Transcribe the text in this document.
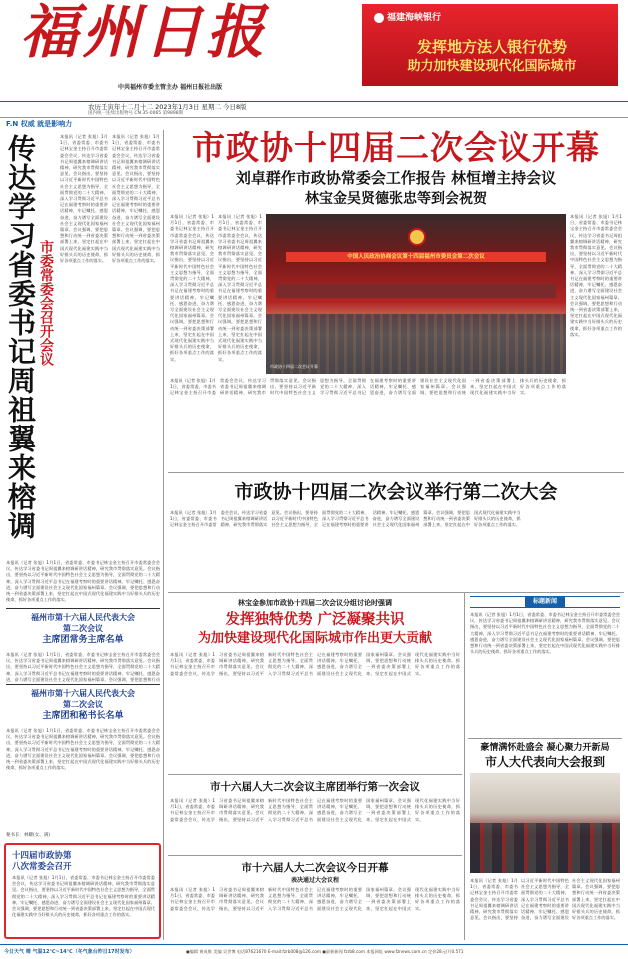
福州日报
中共福州市委主管主办 福州日报社出版
福建海峡银行
发挥地方法人银行优势
助力加快建设现代化国际城市
农历壬寅年十二月十二 2023年1月3日 星期二 今日8版
国内统一连续出版物号 CN 35-0065 第9898期
F.N 权威 就是影响力
传达学习省委书记周祖翼来榕调
市委常委会召开会议
本报讯（记者 张旭）1月1日，省委常委、市委书记林宝金主持召开市委常委会会议，传达学习省委书记周祖翼来榕调研讲话精神，研究我市贯彻落实意见。会议指出，要坚持以习近平新时代中国特色社会主义思想为指导，全面贯彻党的二十大精神，深入学习贯彻习近平总书记在福建考察时的重要讲话精神，牢记嘱托、感恩奋进，奋力谱写全面建设社会主义现代化国家福州篇章。会议强调，要把思想和行动统一到省委决策部署上来，坚定扛起在中国式现代化福建实践中当好排头兵的历史使命，抓好各项重点工作的落实。
本报讯（记者 张旭）1月1日，省委常委、市委书记林宝金主持召开市委常委会会议，传达学习省委书记周祖翼来榕调研讲话精神，研究我市贯彻落实意见。会议指出，要坚持以习近平新时代中国特色社会主义思想为指导，全面贯彻党的二十大精神，深入学习贯彻习近平总书记在福建考察时的重要讲话精神，牢记嘱托、感恩奋进，奋力谱写全面建设社会主义现代化国家福州篇章。会议强调，要把思想和行动统一到省委决策部署上来，坚定扛起在中国式现代化福建实践中当好排头兵的历史使命，抓好各项重点工作的落实。
本报讯（记者 张旭）1月1日，省委常委、市委书记林宝金主持召开市委常委会会议，传达学习省委书记周祖翼来榕调研讲话精神，研究我市贯彻落实意见。会议指出，要坚持以习近平新时代中国特色社会主义思想为指导，全面贯彻党的二十大精神，深入学习贯彻习近平总书记在福建考察时的重要讲话精神，牢记嘱托、感恩奋进，奋力谱写全面建设社会主义现代化国家福州篇章。会议强调，要把思想和行动统一到省委决策部署上来，坚定扛起在中国式现代化福建实践中当好排头兵的历史使命，抓好各项重点工作的落实。
福州市第十六届人民代表大会
第二次会议
主席团常务主席名单
本报讯（记者 张旭）1月1日，省委常委、市委书记林宝金主持召开市委常委会会议，传达学习省委书记周祖翼来榕调研讲话精神，研究我市贯彻落实意见。会议指出，要坚持以习近平新时代中国特色社会主义思想为指导，全面贯彻党的二十大精神，深入学习贯彻习近平总书记在福建考察时的重要讲话精神，牢记嘱托、感恩奋进，奋力谱写全面建设社会主义现代化国家福州篇章。会议强调，要把思想和行动
福州市第十六届人民代表大会
第二次会议
主席团和秘书长名单
本报讯（记者 张旭）1月1日，省委常委、市委书记林宝金主持召开市委常委会会议，传达学习省委书记周祖翼来榕调研讲话精神，研究我市贯彻落实意见。会议指出，要坚持以习近平新时代中国特色社会主义思想为指导，全面贯彻党的二十大精神，深入学习贯彻习近平总书记在福建考察时的重要讲话精神，牢记嘱托、感恩奋进，奋力谱写全面建设社会主义现代化国家福州篇章。会议强调，要把思想和行动统一到省委决策部署上来，坚定扛起在中国式现代化福建实践中当好排头兵的历史使命，抓好各项重点工作的落实。
秘书长：林耀(女、满)
十四届市政协第八次常委会召开
本报讯（记者 张旭）1月1日，省委常委、市委书记林宝金主持召开市委常委会会议，传达学习省委书记周祖翼来榕调研讲话精神，研究我市贯彻落实意见。会议指出，要坚持以习近平新时代中国特色社会主义思想为指导，全面贯彻党的二十大精神，深入学习贯彻习近平总书记在福建考察时的重要讲话精神，牢记嘱托、感恩奋进，奋力谱写全面建设社会主义现代化国家福州篇章。会议强调，要把思想和行动统一到省委决策部署上来，坚定扛起在中国式现代化福建实践中当好排头兵的历史使命，抓好各项重点工作的落实。
市政协十四届二次会议开幕
刘卓群作市政协常委会工作报告 林恒增主持会议
林宝金吴贤德张忠等到会祝贺
本报讯（记者 张旭）1月1日，省委常委、市委书记林宝金主持召开市委常委会会议，传达学习省委书记周祖翼来榕调研讲话精神，研究我市贯彻落实意见。会议指出，要坚持以习近平新时代中国特色社会主义思想为指导，全面贯彻党的二十大精神，深入学习贯彻习近平总书记在福建考察时的重要讲话精神，牢记嘱托、感恩奋进，奋力谱写全面建设社会主义现代化国家福州篇章。会议强调，要把思想和行动统一到省委决策部署上来，坚定扛起在中国式现代化福建实践中当好排头兵的历史使命，抓好各项重点工作的落实。
本报讯（记者 张旭）1月1日，省委常委、市委书记林宝金主持召开市委常委会会议，传达学习省委书记周祖翼来榕调研讲话精神，研究我市贯彻落实意见。会议指出，要坚持以习近平新时代中国特色社会主义思想为指导，全面贯彻党的二十大精神，深入学习贯彻习近平总书记在福建考察时的重要讲话精神，牢记嘱托、感恩奋进，奋力谱写全面建设社会主义现代化国家福州篇章。会议强调，要把思想和行动统一到省委决策部署上来，坚定扛起在中国式现代化福建实践中当好排头兵的历史使命，抓好各项重点工作的落实。
中国人民政治协商会议第十四届福州市委员会第二次会议
市政协十四届二次会议开幕
本报讯（记者 张旭）1月1日，省委常委、市委书记林宝金主持召开市委常委会会议，传达学习省委书记周祖翼来榕调研讲话精神，研究我市贯彻落实意见。会议指出，要坚持以习近平新时代中国特色社会主义思想为指导，全面贯彻党的二十大精神，深入学习贯彻习近平总书记在福建考察时的重要讲话精神，牢记嘱托、感恩奋进，奋力谱写全面建设社会主义现代化国家福州篇章。会议强调，要把思想和行动统一到省委决策部署上来，坚定扛起在中国式现代化福建实践中当好排头兵的历史使命，抓好各项重点工作的落实。
本报讯（记者 张旭）1月1日，省委常委、市委书记林宝金主持召开市委常委会会议，传达学习省委书记周祖翼来榕调研讲话精神，研究我市贯彻落实意见。会议指出，要坚持以习近平新时代中国特色社会主义思想为指导，全面贯彻党的二十大精神，深入学习贯彻习近平总书记在福建考察时的重要讲话精神，牢记嘱托、感恩奋进，奋力谱写全面建设社会主义现代化国家福州篇章。会议强调，要把思想和行动统一到省委决策部署上来，坚定扛起在中国式现代化福建实践中当好排头兵的历史使命，抓好各项重点工作的落实。
市政协十四届二次会议举行第二次大会
本报讯（记者 张旭）1月1日，省委常委、市委书记林宝金主持召开市委常委会会议，传达学习省委书记周祖翼来榕调研讲话精神，研究我市贯彻落实意见。会议指出，要坚持以习近平新时代中国特色社会主义思想为指导，全面贯彻党的二十大精神，深入学习贯彻习近平总书记在福建考察时的重要讲话精神，牢记嘱托、感恩奋进，奋力谱写全面建设社会主义现代化国家福州篇章。会议强调，要把思想和行动统一到省委决策部署上来，坚定扛起在中国式现代化福建实践中当好排头兵的历史使命，抓好各项重点工作的落实。
林宝金参加市政协十四届二次会议分组讨论时强调
发挥独特优势 广泛凝聚共识
为加快建设现代化国际城市作出更大贡献
本报讯（记者 张旭）1月1日，省委常委、市委书记林宝金主持召开市委常委会会议，传达学习省委书记周祖翼来榕调研讲话精神，研究我市贯彻落实意见。会议指出，要坚持以习近平新时代中国特色社会主义思想为指导，全面贯彻党的二十大精神，深入学习贯彻习近平总书记在福建考察时的重要讲话精神，牢记嘱托、感恩奋进，奋力谱写全面建设社会主义现代化国家福州篇章。会议强调，要把思想和行动统一到省委决策部署上来，坚定扛起在中国式现代化福建实践中当好排头兵的历史使命，抓好各项重点工作的落实。
标题新闻
本报讯（记者 张旭）1月1日，省委常委、市委书记林宝金主持召开市委常委会会议，传达学习省委书记周祖翼来榕调研讲话精神，研究我市贯彻落实意见。会议指出，要坚持以习近平新时代中国特色社会主义思想为指导，全面贯彻党的二十大精神，深入学习贯彻习近平总书记在福建考察时的重要讲话精神，牢记嘱托、感恩奋进，奋力谱写全面建设社会主义现代化国家福州篇章。会议强调，要把思想和行动统一到省委决策部署上来，坚定扛起在中国式现代化福建实践中当好排头兵的历史使命，抓好各项重点工作的落实。
豪情满怀赴盛会 凝心聚力开新局
市人大代表向大会报到
本报讯（记者 张旭）1月1日，省委常委、市委书记林宝金主持召开市委常委会会议，传达学习省委书记周祖翼来榕调研讲话精神，研究我市贯彻落实意见。会议指出，要坚持以习近平新时代中国特色社会主义思想为指导，全面贯彻党的二十大精神，深入学习贯彻习近平总书记在福建考察时的重要讲话精神，牢记嘱托、感恩奋进，奋力谱写全面建设社会主义现代化国家福州篇章。会议强调，要把思想和行动统一到省委决策部署上来，坚定扛起在中国式现代化福建实践中当好排头兵的历史使命，抓好各项重点工作的落实。
市十六届人大二次会议主席团举行第一次会议
本报讯（记者 张旭）1月1日，省委常委、市委书记林宝金主持召开市委常委会会议，传达学习省委书记周祖翼来榕调研讲话精神，研究我市贯彻落实意见。会议指出，要坚持以习近平新时代中国特色社会主义思想为指导，全面贯彻党的二十大精神，深入学习贯彻习近平总书记在福建考察时的重要讲话精神，牢记嘱托、感恩奋进，奋力谱写全面建设社会主义现代化国家福州篇章。会议强调，要把思想和行动统一到省委决策部署上来，坚定扛起在中国式现代化福建实践中当好排头兵的历史使命，抓好各项重点工作的落实。
市十六届人大二次会议今日开幕
表决通过大会议程
本报讯（记者 张旭）1月1日，省委常委、市委书记林宝金主持召开市委常委会会议，传达学习省委书记周祖翼来榕调研讲话精神，研究我市贯彻落实意见。会议指出，要坚持以习近平新时代中国特色社会主义思想为指导，全面贯彻党的二十大精神，深入学习贯彻习近平总书记在福建考察时的重要讲话精神，牢记嘱托、感恩奋进，奋力谱写全面建设社会主义现代化国家福州篇章。会议强调，要把思想和行动统一到省委决策部署上来，坚定扛起在中国式现代化福建实践中当好排头兵的历史使命，抓好各项重点工作的落实。
今日天气 晴 气温12℃~14℃（冬气象台昨日17时发布）	●编辑 黄成维 美编 吴世博 电话87621670 E-mail:fzrb008@126.com ●最新新闻 fzrb8.com 本报网址 www.fznews.com.cn 定价28元/月0.571
